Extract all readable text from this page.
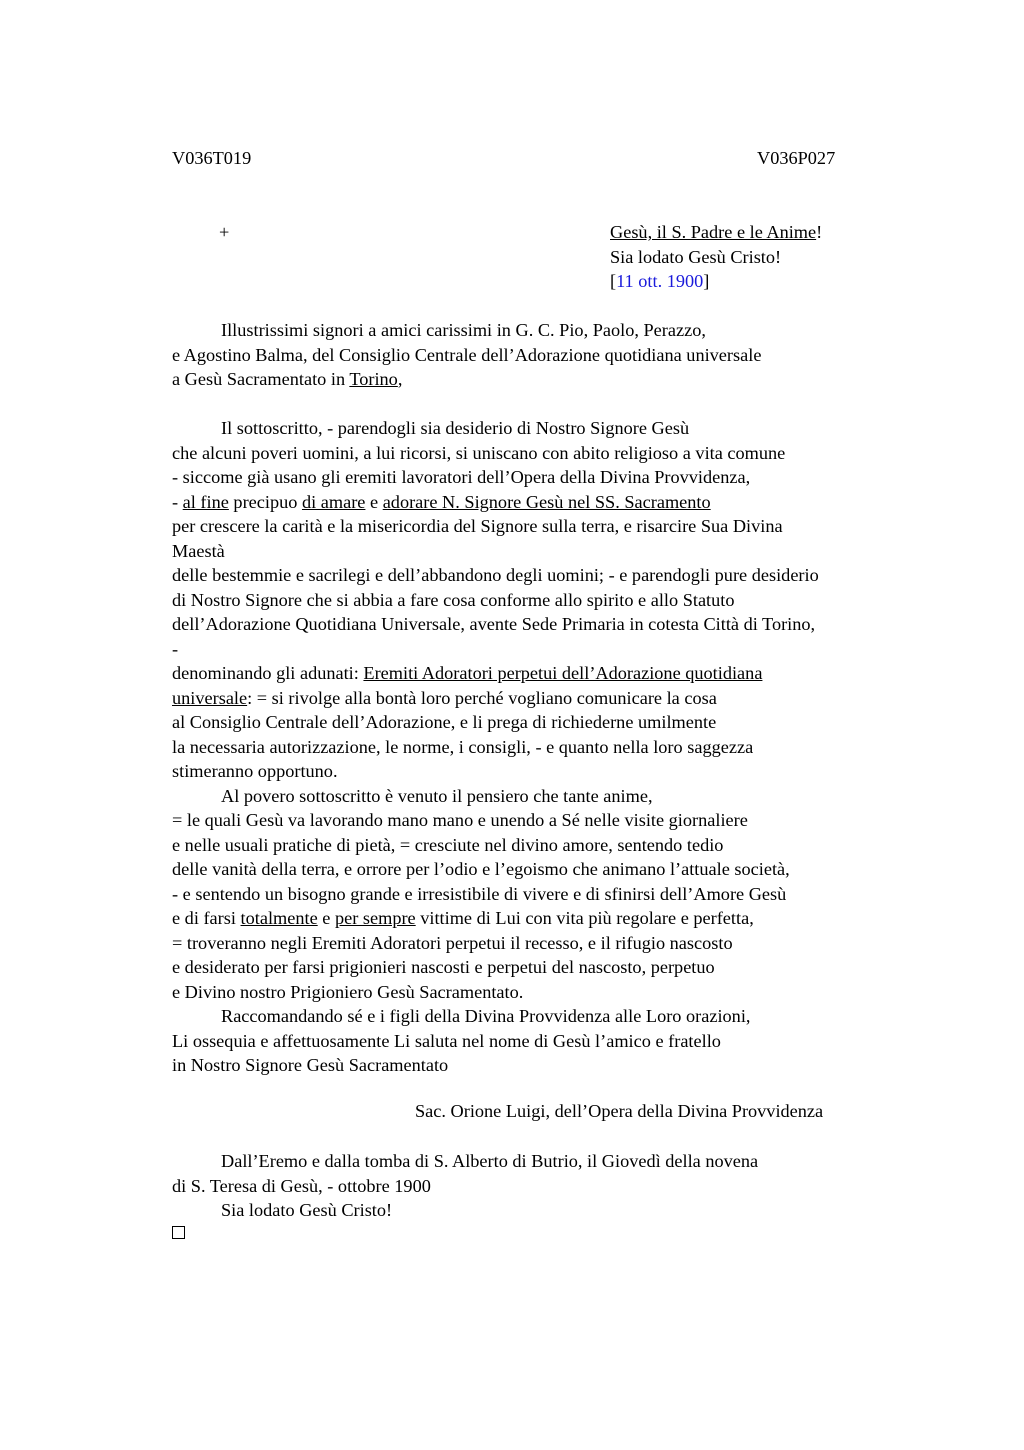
V036T019	V036P027
+	Gesù, il S. Padre e le Anime!

Sia lodato Gesù Cristo!

[11 ott. 1900]

Illustrissimi signori a amici carissimi in G. C. Pio, Paolo, Perazzo,

e Agostino Balma, del Consiglio Centrale dell’Adorazione quotidiana universale

a Gesù Sacramentato in Torino,

Il sottoscritto, - parendogli sia desiderio di Nostro Signore Gesù

che alcuni poveri uomini, a lui ricorsi, si uniscano con abito religioso a vita comune

- siccome già usano gli eremiti lavoratori dell’Opera della Divina Provvidenza,

- al fine precipuo di amare e adorare N. Signore Gesù nel SS. Sacramento

per crescere la carità e la misericordia del Signore sulla terra, e risarcire Sua Divina

Maestà

delle bestemmie e sacrilegi e dell’abbandono degli uomini; - e parendogli pure desiderio

di Nostro Signore che si abbia a fare cosa conforme allo spirito e allo Statuto

dell’Adorazione Quotidiana Universale, avente Sede Primaria in cotesta Città di Torino,

-

denominando gli adunati: Eremiti Adoratori perpetui dell’Adorazione quotidiana

universale: = si rivolge alla bontà loro perché vogliano comunicare la cosa

al Consiglio Centrale dell’Adorazione, e li prega di richiederne umilmente

la necessaria autorizzazione, le norme, i consigli, - e quanto nella loro saggezza

stimeranno opportuno.

Al povero sottoscritto è venuto il pensiero che tante anime,

= le quali Gesù va lavorando mano mano e unendo a Sé nelle visite giornaliere

e nelle usuali pratiche di pietà, = cresciute nel divino amore, sentendo tedio

delle vanità della terra, e orrore per l’odio e l’egoismo che animano l’attuale società,

- e sentendo un bisogno grande e irresistibile di vivere e di sfinirsi dell’Amore Gesù

e di farsi totalmente e per sempre vittime di Lui con vita più regolare e perfetta,

= troveranno negli Eremiti Adoratori perpetui il recesso, e il rifugio nascosto

e desiderato per farsi prigionieri nascosti e perpetui del nascosto, perpetuo

e Divino nostro Prigioniero Gesù Sacramentato.

Raccomandando sé e i figli della Divina Provvidenza alle Loro orazioni,

Li ossequia e affettuosamente Li saluta nel nome di Gesù l’amico e fratello

in Nostro Signore Gesù Sacramentato

Sac. Orione Luigi, dell’Opera della Divina Provvidenza

Dall’Eremo e dalla tomba di S. Alberto di Butrio, il Giovedì della novena

di S. Teresa di Gesù, - ottobre 1900

Sia lodato Gesù Cristo!
